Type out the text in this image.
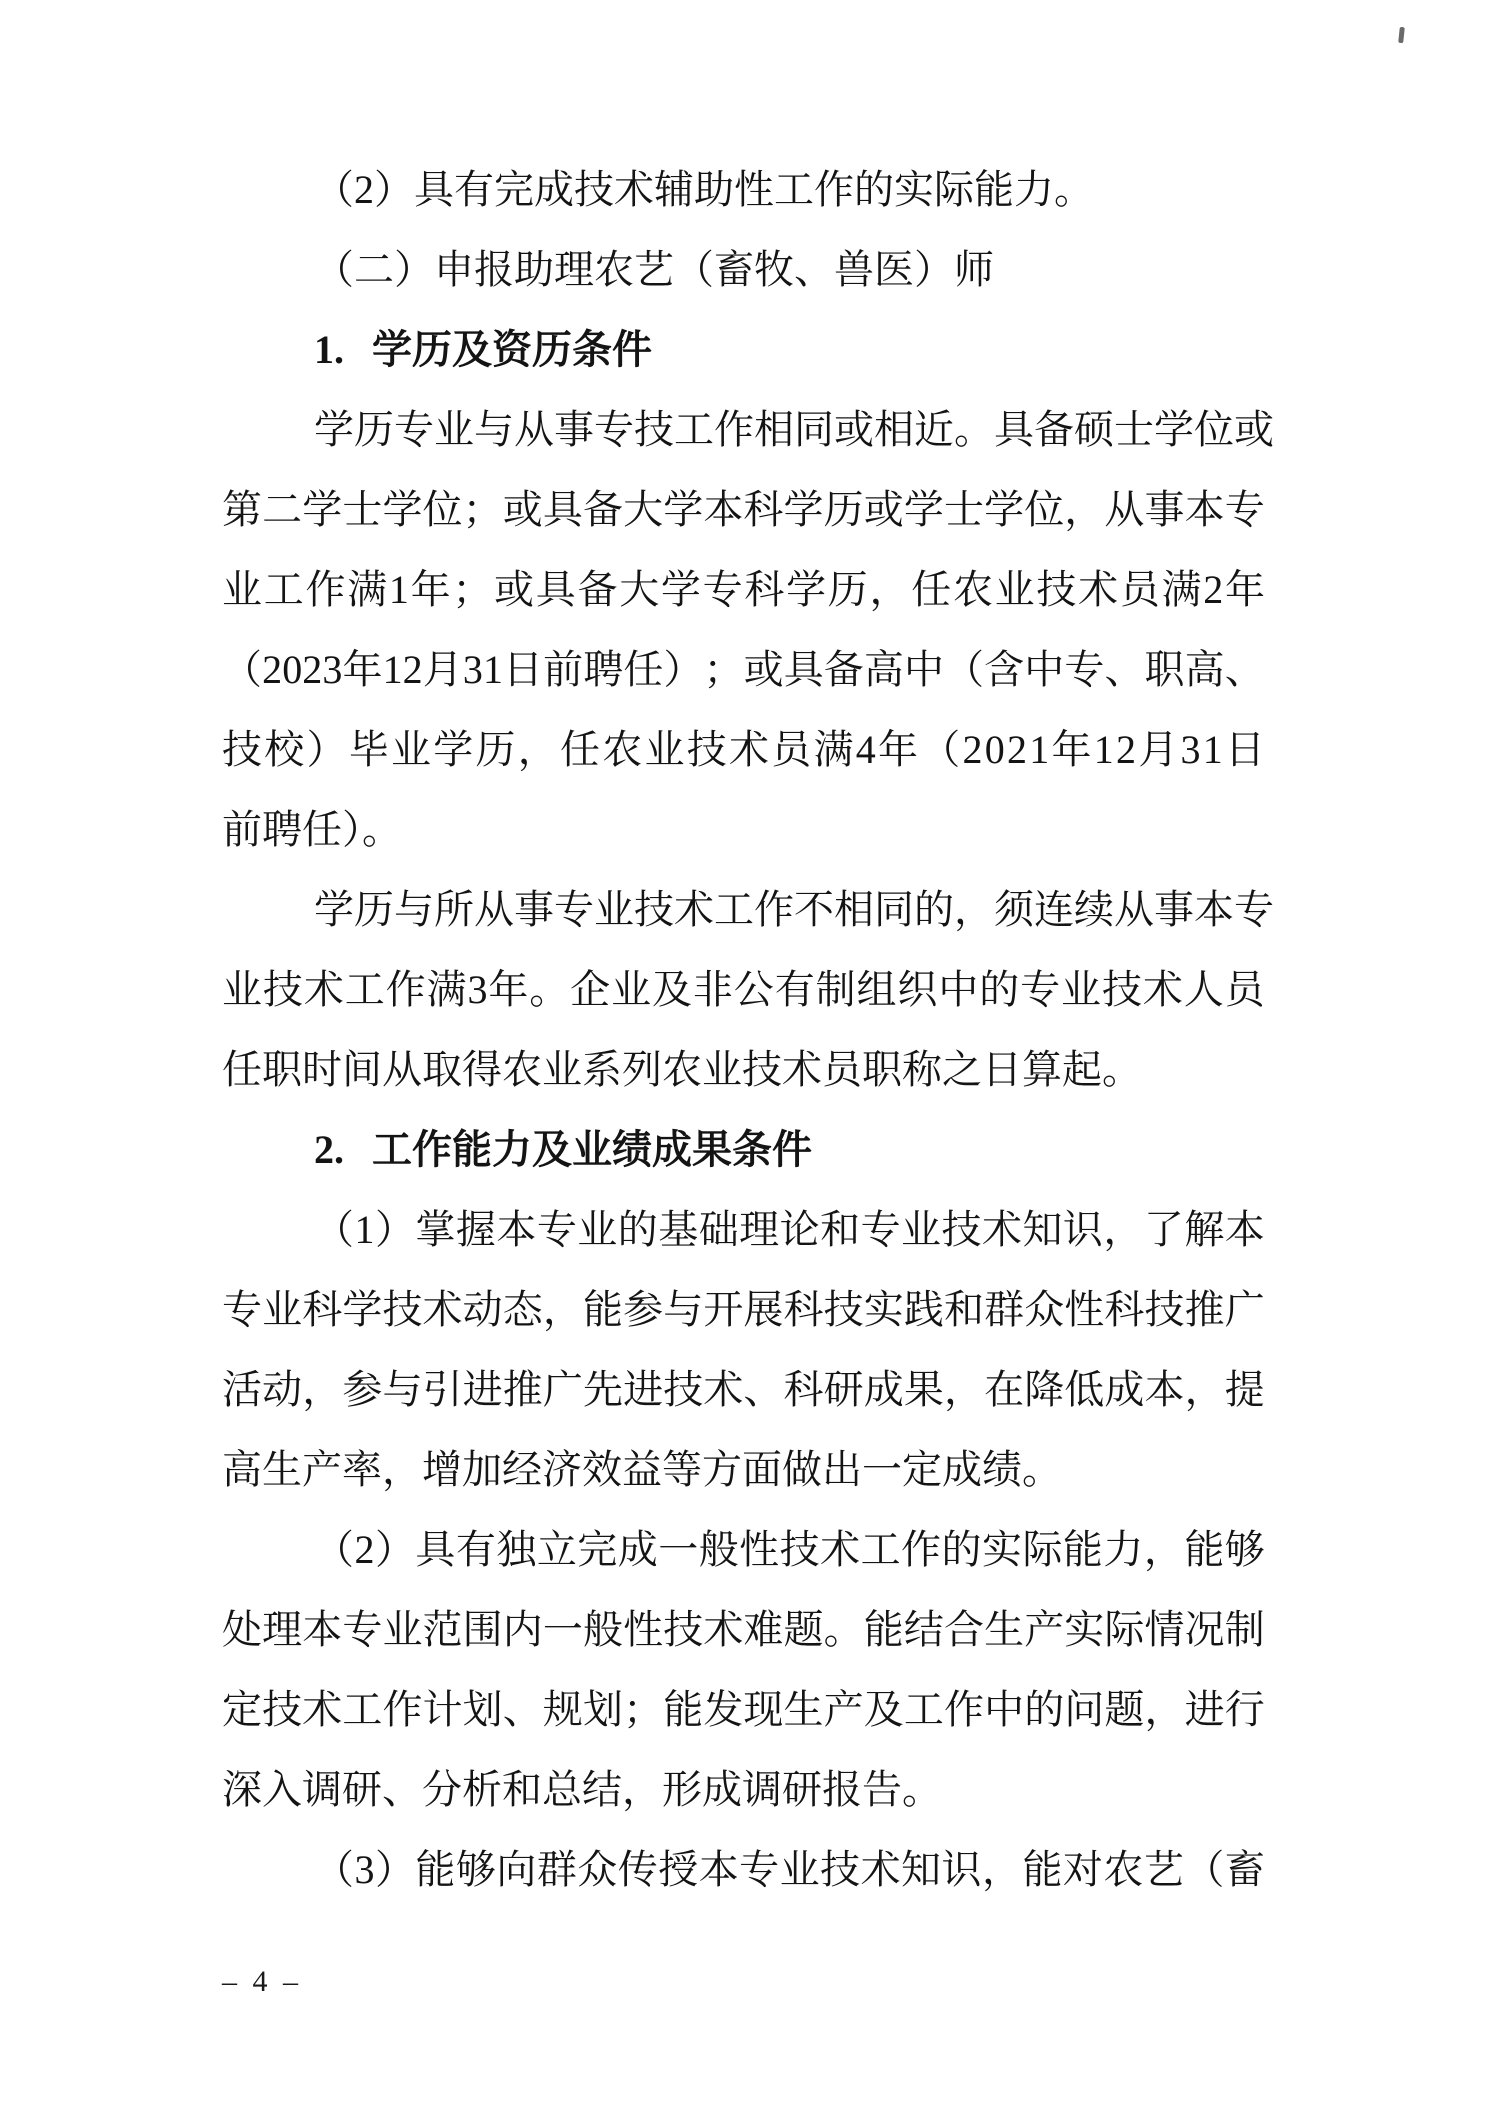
（2）具有完成技术辅助性工作的实际能力。
（二）申报助理农艺（畜牧、兽医）师
1. 学历及资历条件
学 历 专 业 与 从 事 专 技 工 作 相 同 或 相 近 。 具 备 硕 士 学 位 或
第 二 学 士 学 位 ； 或 具 备 大 学 本 科 学 历 或 学 士 学 位 ， 从 事 本 专
业 工 作 满 1 年 ； 或 具 备 大 学 专 科 学 历 ， 任 农 业 技 术 员 满 2 年
（ 2 0 2 3 年 1 2 月 3 1 日 前 聘 任 ） ； 或 具 备 高 中 （ 含 中 专 、 职 高 、
技 校 ） 毕 业 学 历 ， 任 农 业 技 术 员 满 4 年 （ 2 0 2 1 年 1 2 月 3 1 日
前聘任）。
学 历 与 所 从 事 专 业 技 术 工 作 不 相 同 的 ， 须 连 续 从 事 本 专
业 技 术 工 作 满 3 年 。 企 业 及 非 公 有 制 组 织 中 的 专 业 技 术 人 员
任职时间从取得农业系列农业技术员职称之日算起。
2. 工作能力及业绩成果条件
（ 1 ） 掌 握 本 专 业 的 基 础 理 论 和 专 业 技 术 知 识 ， 了 解 本
专 业 科 学 技 术 动 态 ， 能 参 与 开 展 科 技 实 践 和 群 众 性 科 技 推 广
活 动 ， 参 与 引 进 推 广 先 进 技 术 、 科 研 成 果 ， 在 降 低 成 本 ， 提
高生产率，增加经济效益等方面做出一定成绩。
（ 2 ） 具 有 独 立 完 成 一 般 性 技 术 工 作 的 实 际 能 力 ， 能 够
处 理 本 专 业 范 围 内 一 般 性 技 术 难 题 。 能 结 合 生 产 实 际 情 况 制
定 技 术 工 作 计 划 、 规 划 ； 能 发 现 生 产 及 工 作 中 的 问 题 ， 进 行
深入调研、分析和总结，形成调研报告。
（ 3 ） 能 够 向 群 众 传 授 本 专 业 技 术 知 识 ， 能 对 农 艺 （ 畜
– 4 –
